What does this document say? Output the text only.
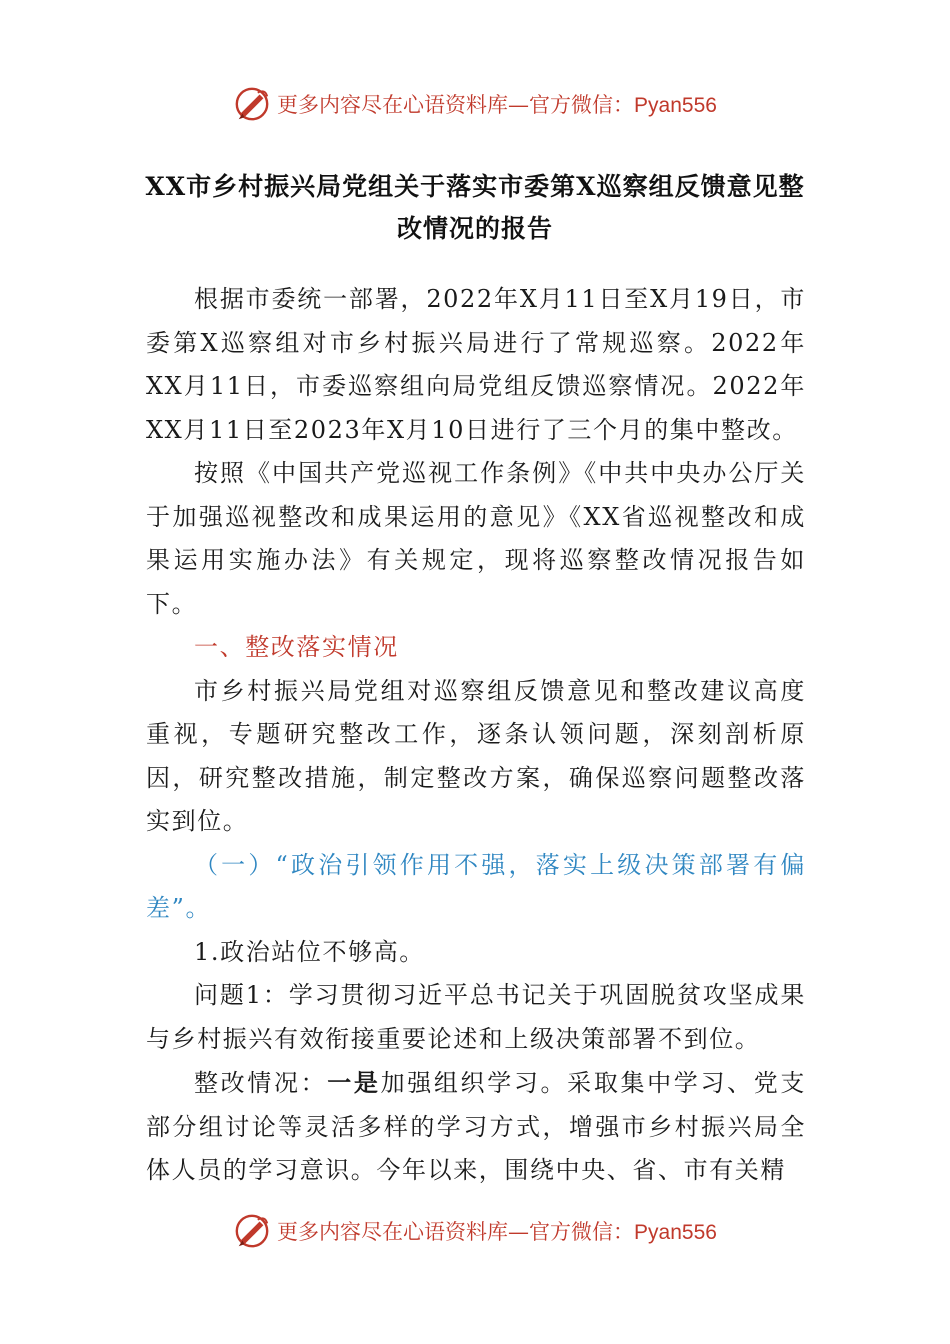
更多内容尽在心语资料库—官方微信：Pyan556
XX市乡村振兴局党组关于落实市委第X巡察组反馈意见整
改情况的报告

根据市委统一部署，2022年X月11日至X月19日，市委第X巡察组对市乡村振兴局进行了常规巡察。2022年XX月11日，市委巡察组向局党组反馈巡察情况。2022年XX月11日至2023年X月10日进行了三个月的集中整改。

按照《中国共产党巡视工作条例》《中共中央办公厅关于加强巡视整改和成果运用的意见》《XX省巡视整改和成果运用实施办法》有关规定，现将巡察整改情况报告如下。

一、整改落实情况

市乡村振兴局党组对巡察组反馈意见和整改建议高度重视，专题研究整改工作，逐条认领问题，深刻剖析原因，研究整改措施，制定整改方案，确保巡察问题整改落实到位。

（一）“政治引领作用不强，落实上级决策部署有偏差”。

1.政治站位不够高。

问题1：学习贯彻习近平总书记关于巩固脱贫攻坚成果与乡村振兴有效衔接重要论述和上级决策部署不到位。

整改情况：一是加强组织学习。采取集中学习、党支部分组讨论等灵活多样的学习方式，增强市乡村振兴局全体人员的学习意识。今年以来，围绕中央、省、市有关精

更多内容尽在心语资料库—官方微信：Pyan556
